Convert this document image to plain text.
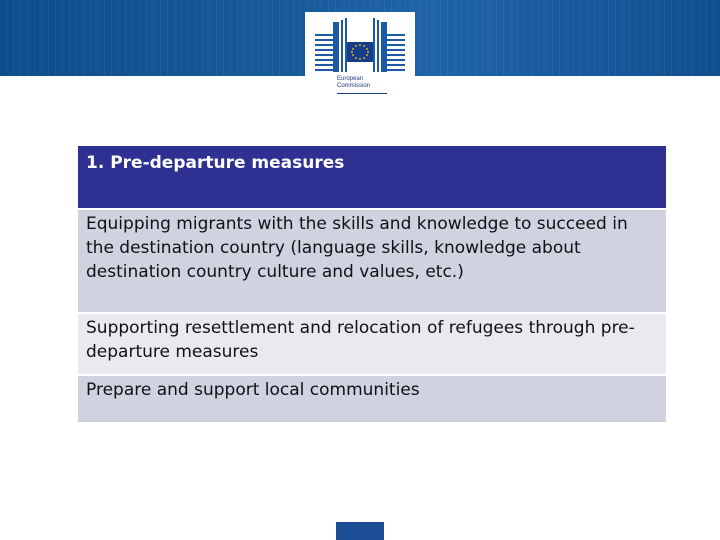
European
Commission
1. Pre-departure measures
Equipping migrants with the skills and knowledge to succeed in the destination country (language skills, knowledge about destination country culture and values, etc.)
Supporting resettlement and relocation of refugees through pre-departure measures
Prepare and support local communities
